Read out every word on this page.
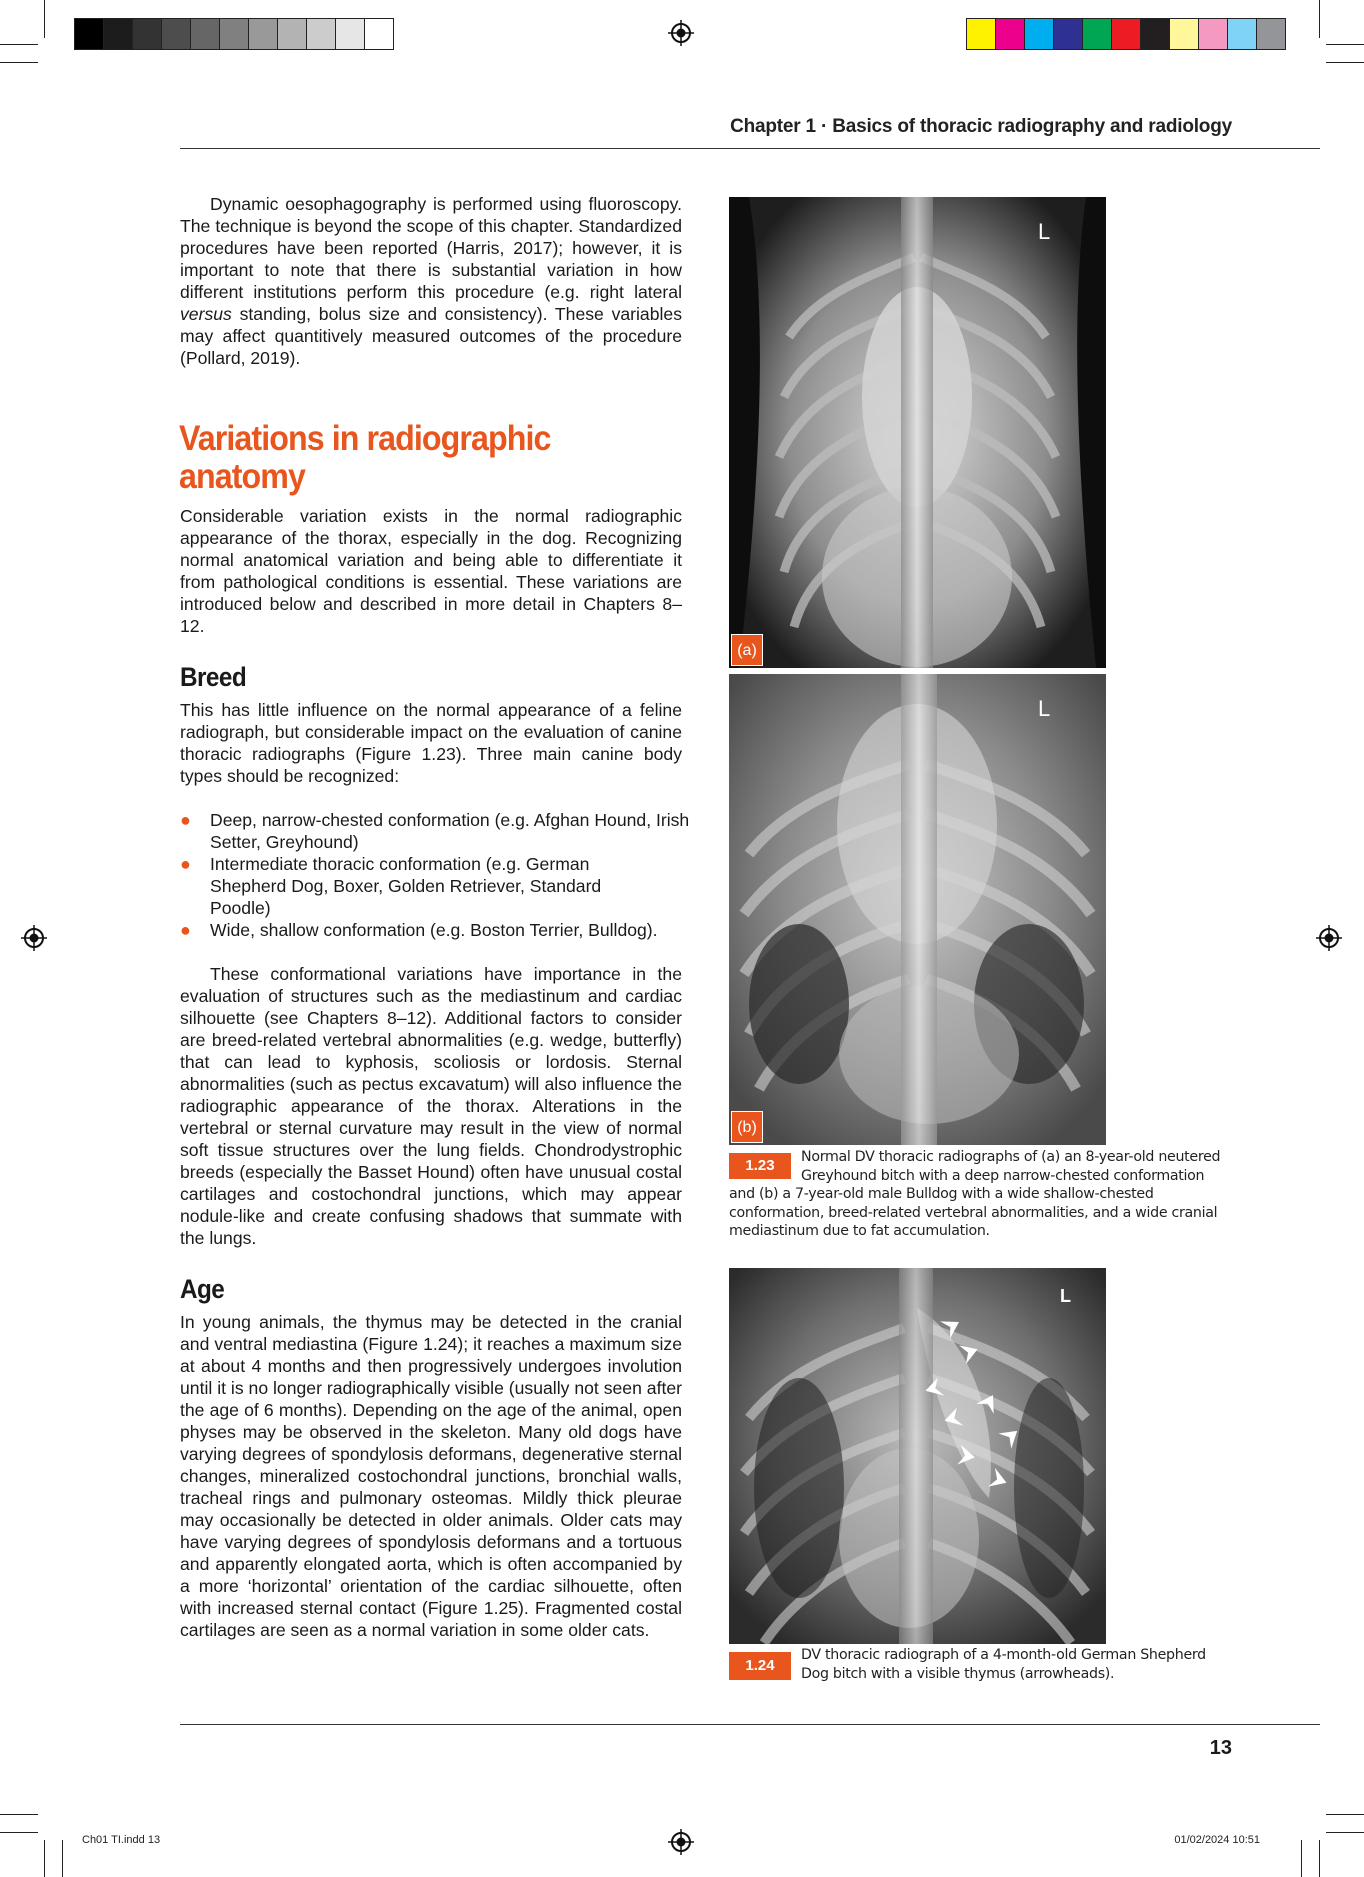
Chapter 1 · Basics of thoracic radiography and radiology

Dynamic oesophagography is performed using fluoroscopy. The technique is beyond the scope of this chapter. Standardized procedures have been reported (Harris, 2017); however, it is important to note that there is substantial variation in how different institutions perform this procedure (e.g. right lateral versus standing, bolus size and consistency). These variables may affect quantitively measured outcomes of the procedure (Pollard, 2019).

Variations in radiographic anatomy
Considerable variation exists in the normal radiographic appearance of the thorax, especially in the dog. Recognizing normal anatomical variation and being able to differentiate it from pathological conditions is essential. These variations are introduced below and described in more detail in Chapters 8–12.
Breed
This has little influence on the normal appearance of a feline radiograph, but considerable impact on the evaluation of canine thoracic radiographs (Figure 1.23). Three main canine body types should be recognized:
● Deep, narrow-chested conformation (e.g. Afghan Hound, Irish Setter, Greyhound)
● Intermediate thoracic conformation (e.g. German Shepherd Dog, Boxer, Golden Retriever, Standard Poodle)
● Wide, shallow conformation (e.g. Boston Terrier, Bulldog).

These conformational variations have importance in the evaluation of structures such as the mediastinum and cardiac silhouette (see Chapters 8–12). Additional factors to consider are breed-related vertebral abnormalities (e.g. wedge, butterfly) that can lead to kyphosis, scoliosis or lordosis. Sternal abnormalities (such as pectus excavatum) will also influence the radiographic appearance of the thorax. Alterations in the vertebral or sternal curvature may result in the view of normal soft tissue structures over the lung fields. Chondrodystrophic breeds (especially the Basset Hound) often have unusual costal cartilages and costochondral junctions, which may appear nodule-like and create confusing shadows that summate with the lungs.

Age
In young animals, the thymus may be detected in the cranial and ventral mediastina (Figure 1.24); it reaches a maximum size at about 4 months and then progressively undergoes involution until it is no longer radiographically visible (usually not seen after the age of 6 months). Depending on the age of the animal, open physes may be observed in the skeleton. Many old dogs have varying degrees of spondylosis deformans, degenerative sternal changes, mineralized costochondral junctions, bronchial walls, tracheal rings and pulmonary osteomas. Mildly thick pleurae may occasionally be detected in older animals. Older cats may have varying degrees of spondylosis deformans and a tortuous and apparently elongated aorta, which is often accompanied by a more ‘horizontal’ orientation of the cardiac silhouette, often with increased sternal contact (Figure 1.25). Fragmented costal cartilages are seen as a normal variation in some older cats.
L
(a)
L
(b)
1.23	Normal DV thoracic radiographs of (a) an 8-year-old neutered Greyhound bitch with a deep narrow-chested conformation
and (b) a 7-year-old male Bulldog with a wide shallow-chested conformation, breed-related vertebral abnormalities, and a wide cranial mediastinum due to fat accumulation.
L
1.24
DV thoracic radiograph of a 4-month-old German Shepherd Dog bitch with a visible thymus (arrowheads).
13
Ch01 TI.indd 13	01/02/2024 10:51
